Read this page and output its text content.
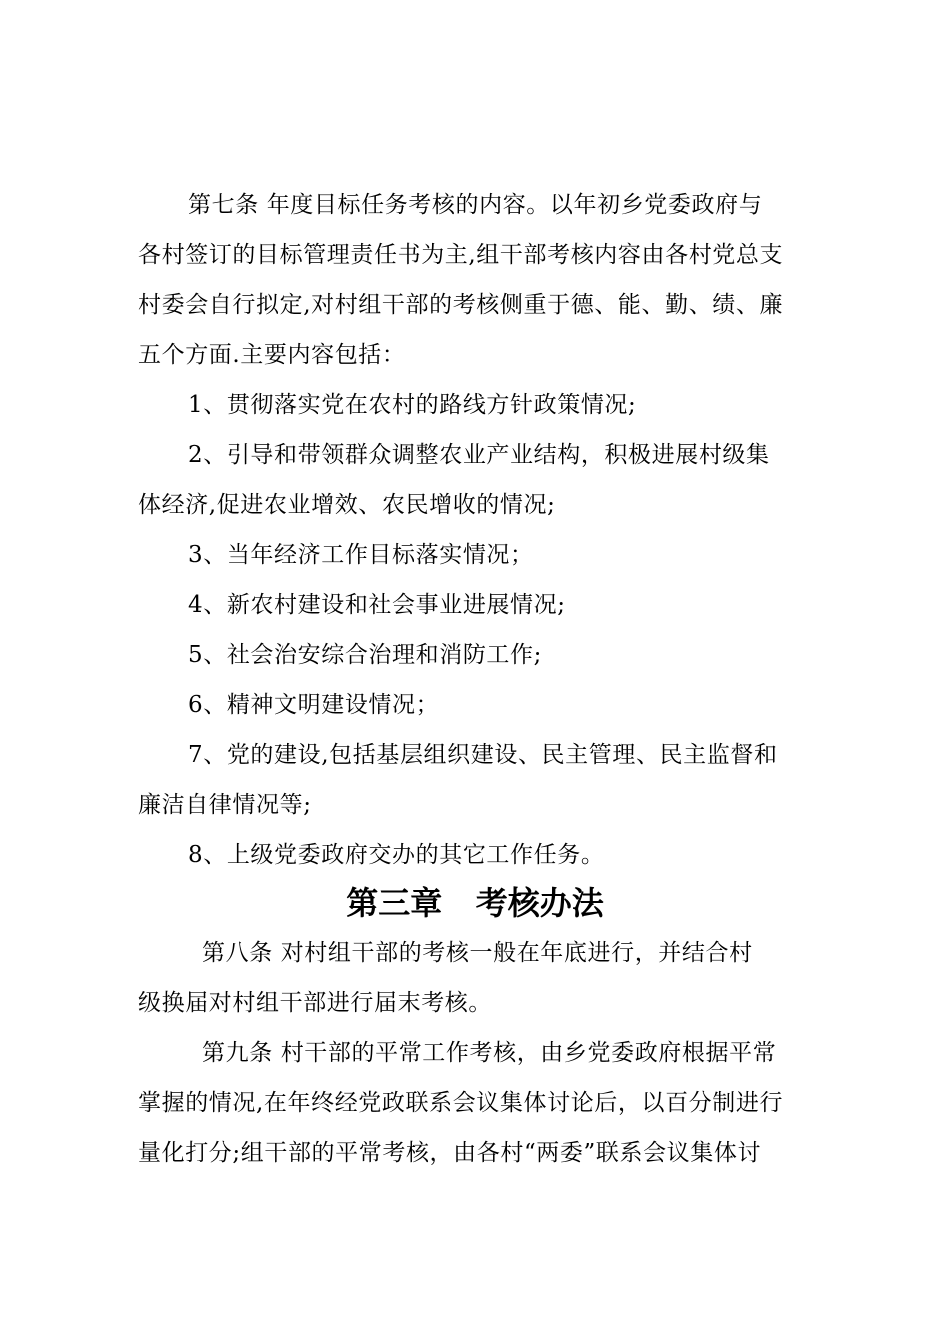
第七条 年度目标任务考核的内容。以年初乡党委政府与
各村签订的目标管理责任书为主,组干部考核内容由各村党总支
村委会自行拟定,对村组干部的考核侧重于德、能、勤、绩、廉
五个方面.主要内容包括：
1、贯彻落实党在农村的路线方针政策情况;
2、引导和带领群众调整农业产业结构，积极进展村级集
体经济,促进农业增效、农民增收的情况;
3、当年经济工作目标落实情况；
4、新农村建设和社会事业进展情况;
5、社会治安综合治理和消防工作;
6、精神文明建设情况；
7、党的建设,包括基层组织建设、民主管理、民主监督和
廉洁自律情况等;
8、上级党委政府交办的其它工作任务。
第三章   考核办法
第八条 对村组干部的考核一般在年底进行，并结合村
级换届对村组干部进行届末考核。
第九条 村干部的平常工作考核，由乡党委政府根据平常
掌握的情况,在年终经党政联系会议集体讨论后，以百分制进行
量化打分;组干部的平常考核，由各村“两委”联系会议集体讨
